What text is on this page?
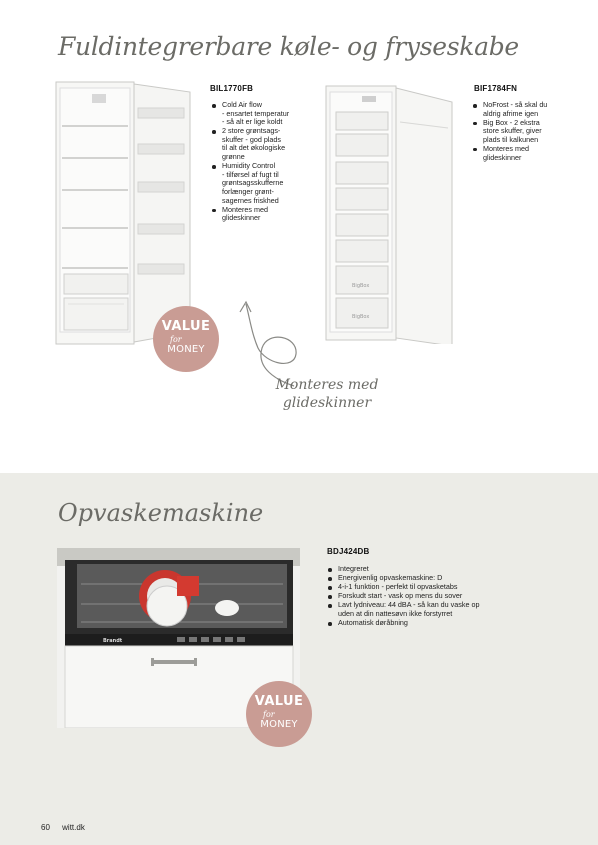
Fuldintegrerbare køle- og fryseskabe
VALUE
for
MONEY
BIL1770FB
Cold Air flow
- ensartet temperatur
- så alt er lige koldt
2 store grøntsags-
skuffer - god plads
til alt det økologiske
grønne
Humidity Control
- tilførsel af fugt til
grøntsagsskufferne
forlænger grønt-
sagernes friskhed
Monteres med
glideskinner
BigBox
BigBox
BIF1784FN
NoFrost - så skal du
aldrig afrime igen
Big Box - 2 ekstra
store skuffer, giver
plads til kalkunen
Monteres med
glideskinner
Monteres med
glideskinner
Opvaskemaskine
Brandt
VALUE
for
MONEY
BDJ424DB
Integreret
Energivenlig opvaskemaskine: D
4-i-1 funktion - perfekt til opvasketabs
Forskudt start - vask op mens du sover
Lavt lydniveau: 44 dBA - så kan du vaske op
uden at din nattesøvn ikke forstyrret
Automatisk døråbning
60 witt.dk
